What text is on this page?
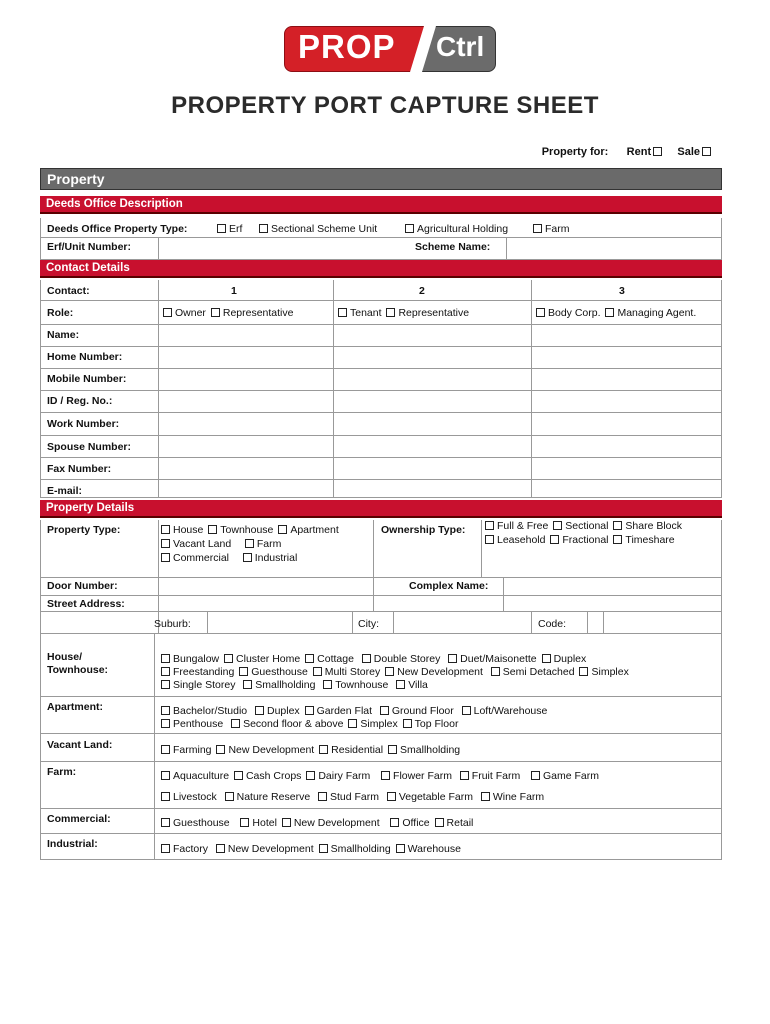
PROP Ctrl
PROPERTY PORT CAPTURE SHEET
Property for: Rent Sale
Property
Deeds Office Description
Deeds Office Property Type:	Erf	Sectional Scheme Unit	Agricultural Holding	Farm
Erf/Unit Number:	Scheme Name:
Contact Details
Contact:	1	2	3
Role:	Owner Representative	Tenant Representative	Body Corp. Managing Agent.
Name:
Home Number:
Mobile Number:
ID / Reg. No.:
Work Number:
Spouse Number:
Fax Number:
E-mail:
Property Details
Property Type:	House Townhouse Apartment
Vacant Land Farm
Commercial Industrial
Ownership Type:	Full & Free Sectional Share Block
Leasehold Fractional Timeshare
Door Number:	Complex Name:
Street Address:
Suburb:	City:	Code:
House/
Townhouse:
Bungalow Cluster Home Cottage Double Storey Duet/Maisonette Duplex
Freestanding Guesthouse Multi Storey New Development Semi Detached Simplex
Single Storey Smallholding Townhouse Villa
Apartment:	Bachelor/Studio Duplex Garden Flat Ground Floor Loft/Warehouse
Penthouse Second floor & above Simplex Top Floor
Vacant Land:	Farming New Development Residential Smallholding
Farm:	Aquaculture Cash Crops Dairy Farm Flower Farm Fruit Farm Game Farm
Livestock Nature Reserve Stud Farm Vegetable Farm Wine Farm
Commercial:	Guesthouse Hotel New Development Office Retail
Industrial:	Factory New Development Smallholding Warehouse
